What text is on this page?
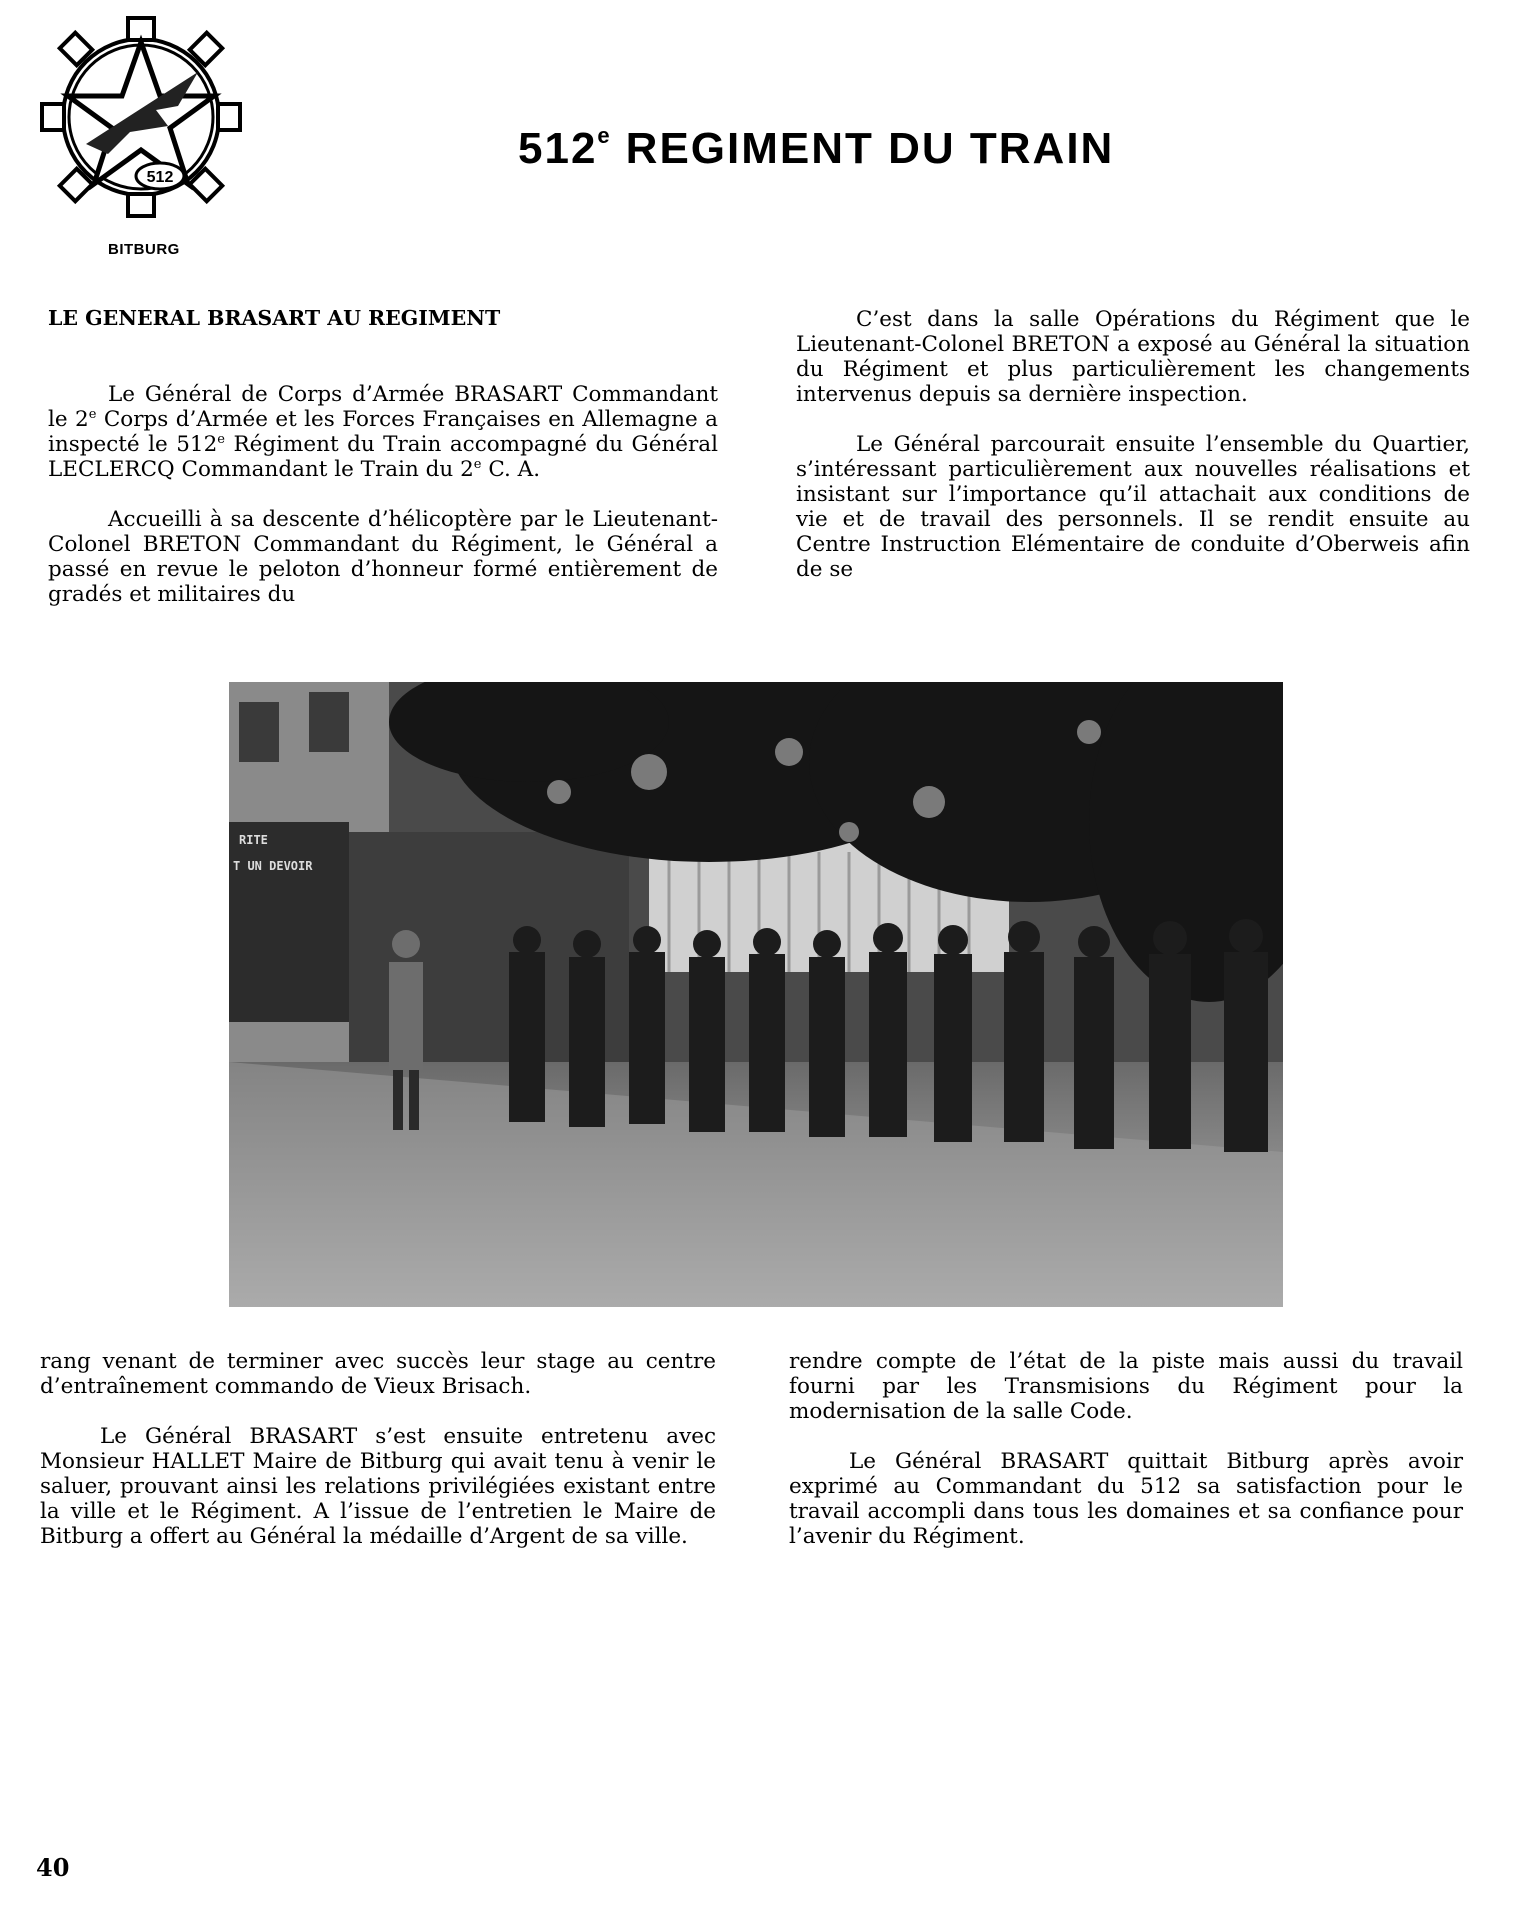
512
BITBURG
512e REGIMENT DU TRAIN
LE GENERAL BRASART AU REGIMENT

Le Général de Corps d’Armée BRASART Commandant le 2e Corps d’Armée et les Forces Françaises en Allemagne a inspecté le 512e Régiment du Train accompagné du Général LECLERCQ Commandant le Train du 2e C. A.

Accueilli à sa descente d’hélicoptère par le Lieutenant-Colonel BRETON Commandant du Régiment, le Général a passé en revue le peloton d’honneur formé entièrement de gradés et militaires du

C’est dans la salle Opérations du Régiment que le Lieutenant-Colonel BRETON a exposé au Général la situation du Régiment et plus particulièrement les changements intervenus depuis sa dernière inspection.

Le Général parcourait ensuite l’ensemble du Quartier, s’intéressant particulièrement aux nouvelles réalisations et insistant sur l’importance qu’il attachait aux conditions de vie et de travail des personnels. Il se rendit ensuite au Centre Instruction Elémentaire de conduite d’Oberweis afin de se

RITE
T UN DEVOIR

rang venant de terminer avec succès leur stage au centre d’entraînement commando de Vieux Brisach.

Le Général BRASART s’est ensuite entretenu avec Monsieur HALLET Maire de Bitburg qui avait tenu à venir le saluer, prouvant ainsi les relations privilégiées existant entre la ville et le Régiment. A l’issue de l’entretien le Maire de Bitburg a offert au Général la médaille d’Argent de sa ville.

rendre compte de l’état de la piste mais aussi du travail fourni par les Transmisions du Régiment pour la modernisation de la salle Code.

Le Général BRASART quittait Bitburg après avoir exprimé au Commandant du 512 sa satisfaction pour le travail accompli dans tous les domaines et sa confiance pour l’avenir du Régiment.

40
